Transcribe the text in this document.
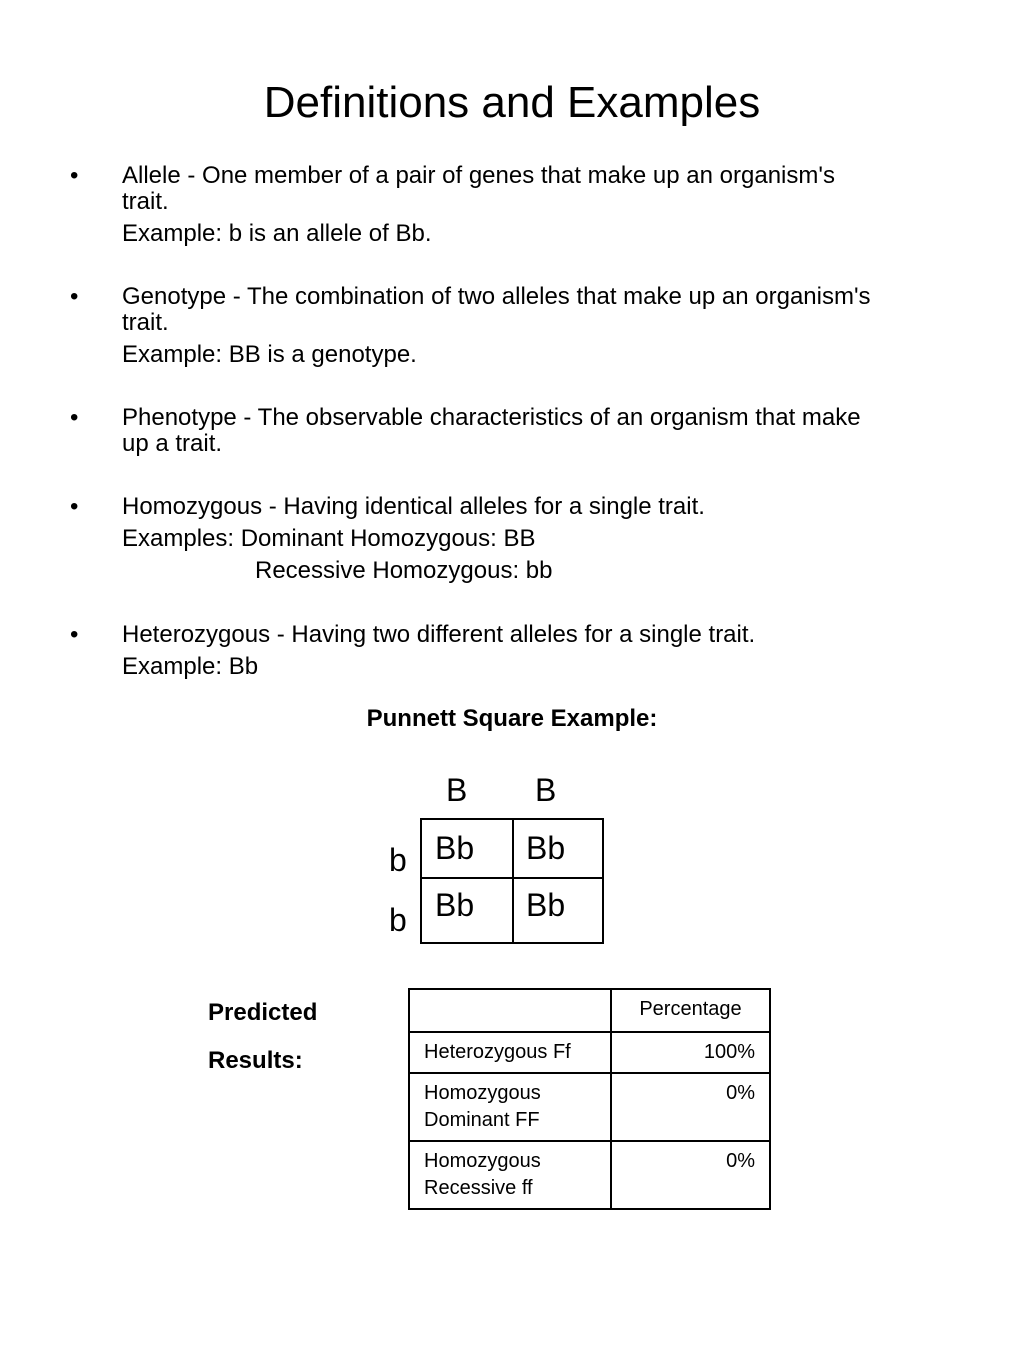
Definitions and Examples
• Allele - One member of a pair of genes that make up an organism's
trait.
Example: b is an allele of Bb.
• Genotype - The combination of two alleles that make up an organism's
trait.
Example: BB is a genotype.
• Phenotype - The observable characteristics of an organism that make
up a trait.
• Homozygous - Having identical alleles for a single trait.
Examples: Dominant Homozygous: BB
Recessive Homozygous: bb
• Heterozygous - Having two different alleles for a single trait.
Example: Bb
Punnett Square Example:
B B
b
b
Bb Bb
Bb Bb
Predicted
Results:
	Percentage

Heterozygous Ff	100%

Homozygous
Dominant FF	0%

Homozygous
Recessive ff	0%
